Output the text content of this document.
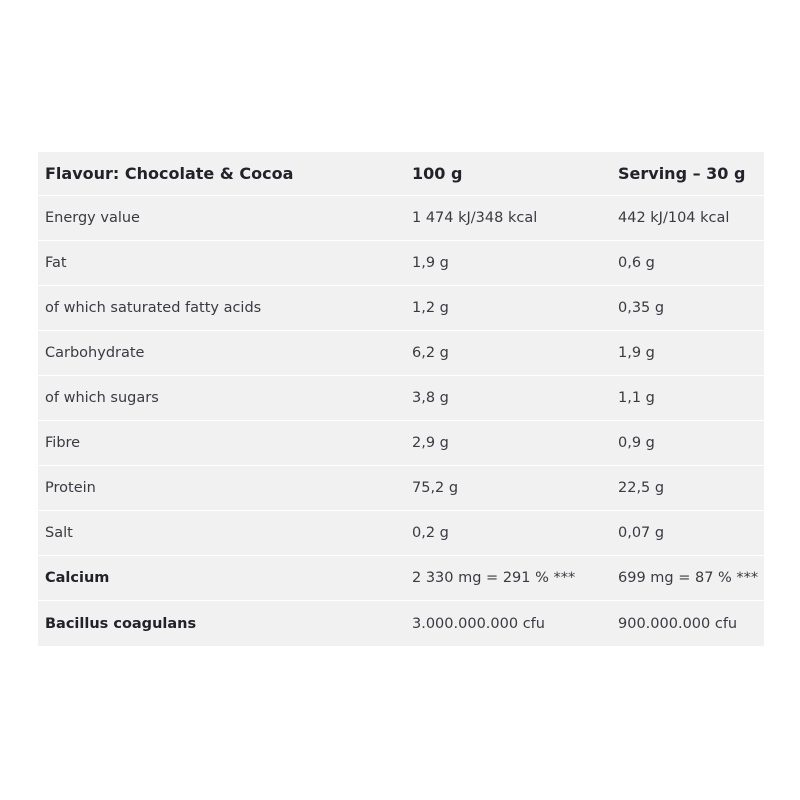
Flavour: Chocolate & Cocoa	100 g	Serving – 30 g
Energy value	1 474 kJ/348 kcal	442 kJ/104 kcal
Fat	1,9 g	0,6 g
of which saturated fatty acids	1,2 g	0,35 g
Carbohydrate	6,2 g	1,9 g
of which sugars	3,8 g	1,1 g
Fibre	2,9 g	0,9 g
Protein	75,2 g	22,5 g
Salt	0,2 g	0,07 g
Calcium	2 330 mg = 291 % ***	699 mg = 87 % ***
Bacillus coagulans	3.000.000.000 cfu	900.000.000 cfu
